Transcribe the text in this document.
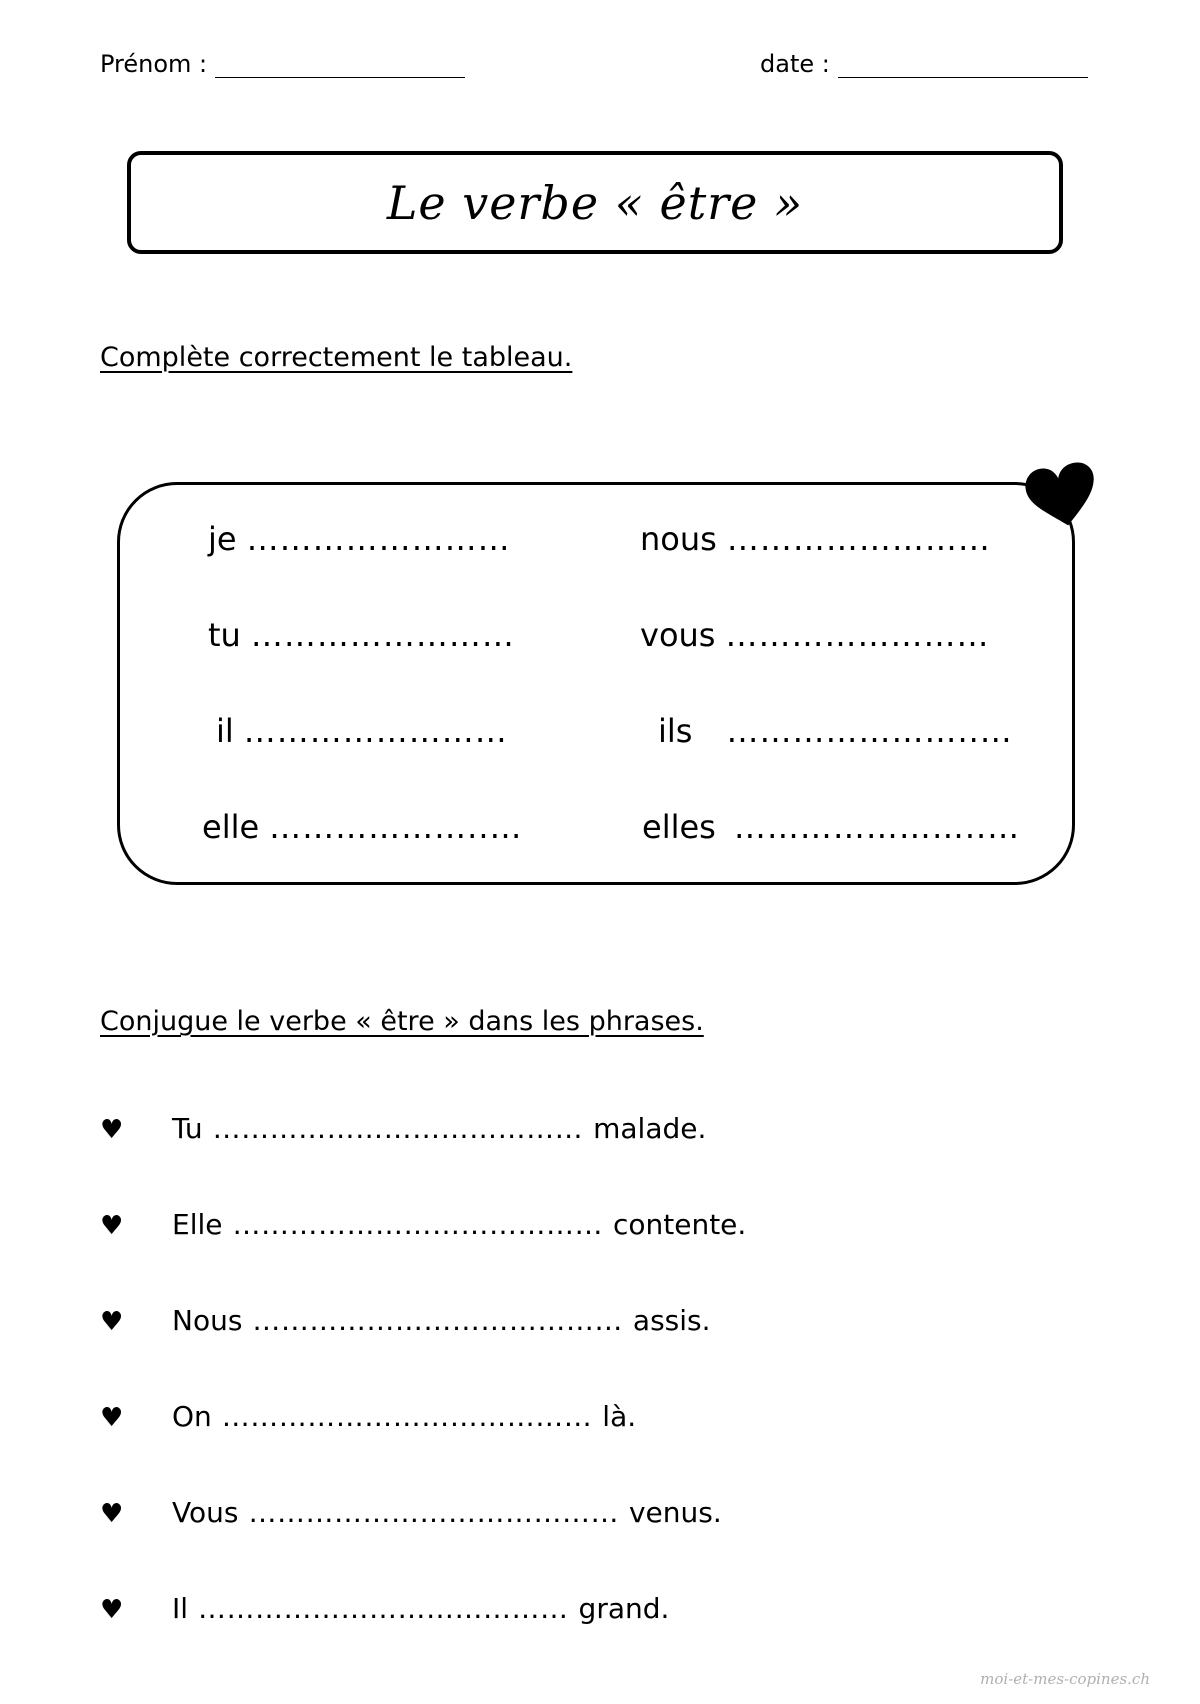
Prénom :	date :
Le verbe « être »
Complète correctement le tableau.
je ……………………	nous ……………………
tu ……………………	vous ……………………
il ……………………	ils …………………..…
elle ………………..…	elles …………………..…
Conjugue le verbe « être » dans les phrases.
♥	Tu ………………………………… malade.
♥	Elle ………………………………… contente.
♥	Nous ………………………………… assis.
♥	On ………………………………… là.
♥	Vous ………………………………… venus.
♥	Il ………………………………… grand.
moi-et-mes-copines.ch
